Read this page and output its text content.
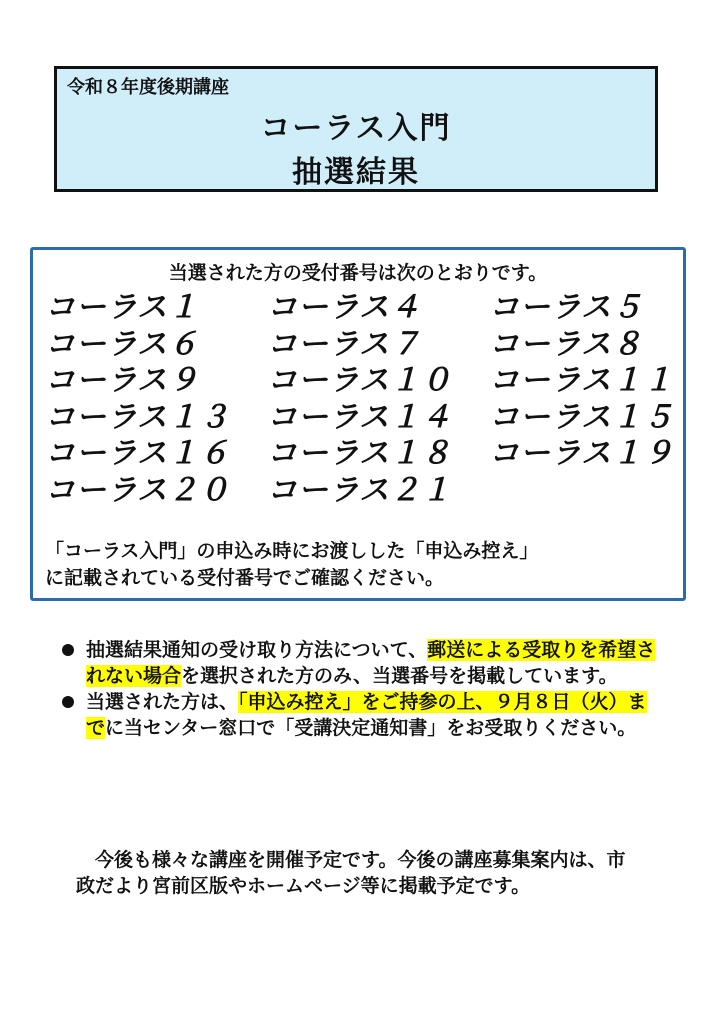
令和８年度後期講座
コーラス入門
抽選結果
当選された方の受付番号は次のとおりです。
コーラス１	コーラス４	コーラス５
コーラス６	コーラス７	コーラス８
コーラス９	コーラス１０	コーラス１１
コーラス１３	コーラス１４	コーラス１５
コーラス１６	コーラス１８	コーラス１９
コーラス２０	コーラス２１
「コーラス入門」の申込み時にお渡しした「申込み控え」
に記載されている受付番号でご確認ください。
抽選結果通知の受け取り方法について、郵送による受取りを希望されない場合を選択された方のみ、当選番号を掲載しています。
当選された方は、「申込み控え」をご持参の上、９月８日（火）までに当センター窓口で「受講決定通知書」をお受取りください。
　今後も様々な講座を開催予定です。今後の講座募集案内は、市政だより宮前区版やホームページ等に掲載予定です。
